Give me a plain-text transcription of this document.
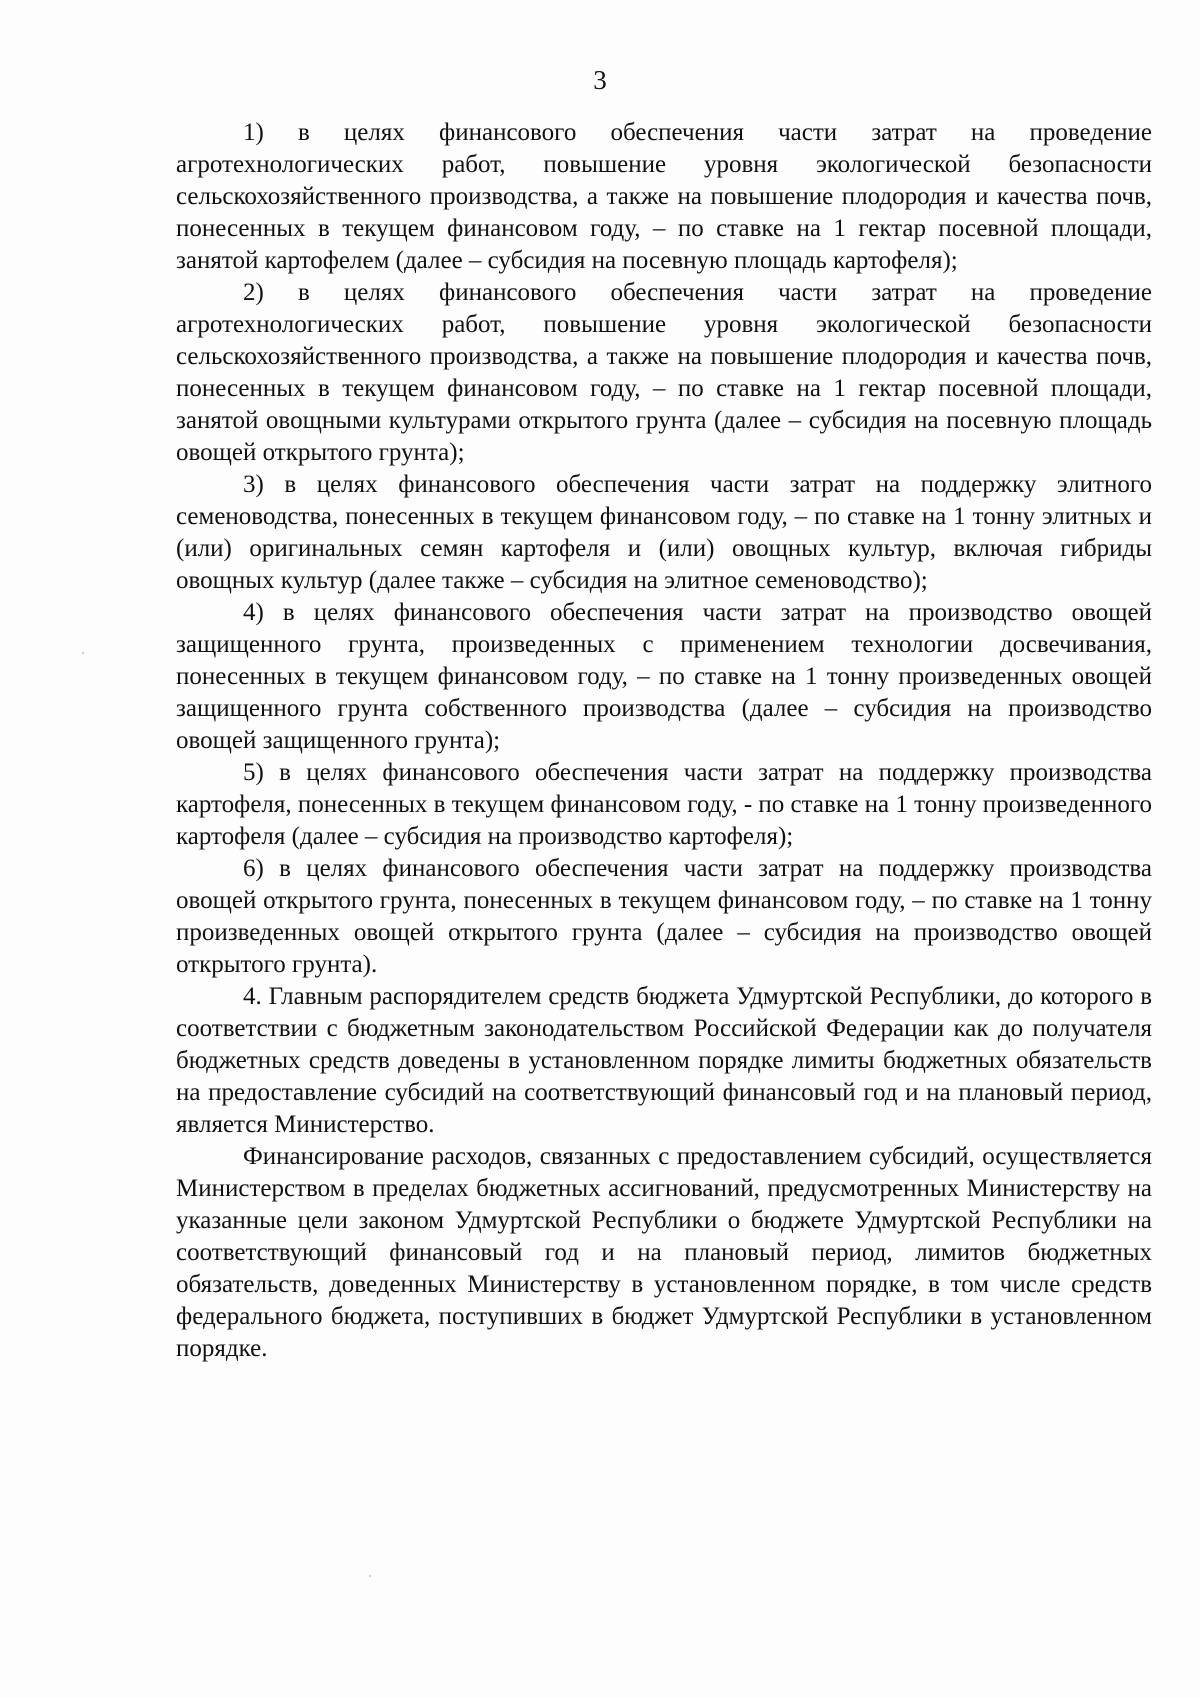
3

1) в целях финансового обеспечения части затрат на проведение агротехнологических работ, повышение уровня экологической безопасности сельскохозяйственного производства, а также на повышение плодородия и качества почв, понесенных в текущем финансовом году, – по ставке на 1 гектар посевной площади, занятой картофелем (далее – субсидия на посевную площадь картофеля);

2) в целях финансового обеспечения части затрат на проведение агротехнологических работ, повышение уровня экологической безопасности сельскохозяйственного производства, а также на повышение плодородия и качества почв, понесенных в текущем финансовом году, – по ставке на 1 гектар посевной площади, занятой овощными культурами открытого грунта (далее – субсидия на посевную площадь овощей открытого грунта);

3) в целях финансового обеспечения части затрат на поддержку элитного семеноводства, понесенных в текущем финансовом году, – по ставке на 1 тонну элитных и (или) оригинальных семян картофеля и (или) овощных культур, включая гибриды овощных культур (далее также – субсидия на элитное семеноводство);

4) в целях финансового обеспечения части затрат на производство овощей защищенного грунта, произведенных с применением технологии досвечивания, понесенных в текущем финансовом году, – по ставке на 1 тонну произведенных овощей защищенного грунта собственного производства (далее – субсидия на производство овощей защищенного грунта);

5) в целях финансового обеспечения части затрат на поддержку производства картофеля, понесенных в текущем финансовом году, - по ставке на 1 тонну произведенного картофеля (далее – субсидия на производство картофеля);

6) в целях финансового обеспечения части затрат на поддержку производства овощей открытого грунта, понесенных в текущем финансовом году, – по ставке на 1 тонну произведенных овощей открытого грунта (далее – субсидия на производство овощей открытого грунта).

4. Главным распорядителем средств бюджета Удмуртской Республики, до которого в соответствии с бюджетным законодательством Российской Федерации как до получателя бюджетных средств доведены в установленном порядке лимиты бюджетных обязательств на предоставление субсидий на соответствующий финансовый год и на плановый период, является Министерство.

Финансирование расходов, связанных с предоставлением субсидий, осуществляется Министерством в пределах бюджетных ассигнований, предусмотренных Министерству на указанные цели законом Удмуртской Республики о бюджете Удмуртской Республики на соответствующий финансовый год и на плановый период, лимитов бюджетных обязательств, доведенных Министерству в установленном порядке, в том числе средств федерального бюджета, поступивших в бюджет Удмуртской Республики в установленном порядке.
